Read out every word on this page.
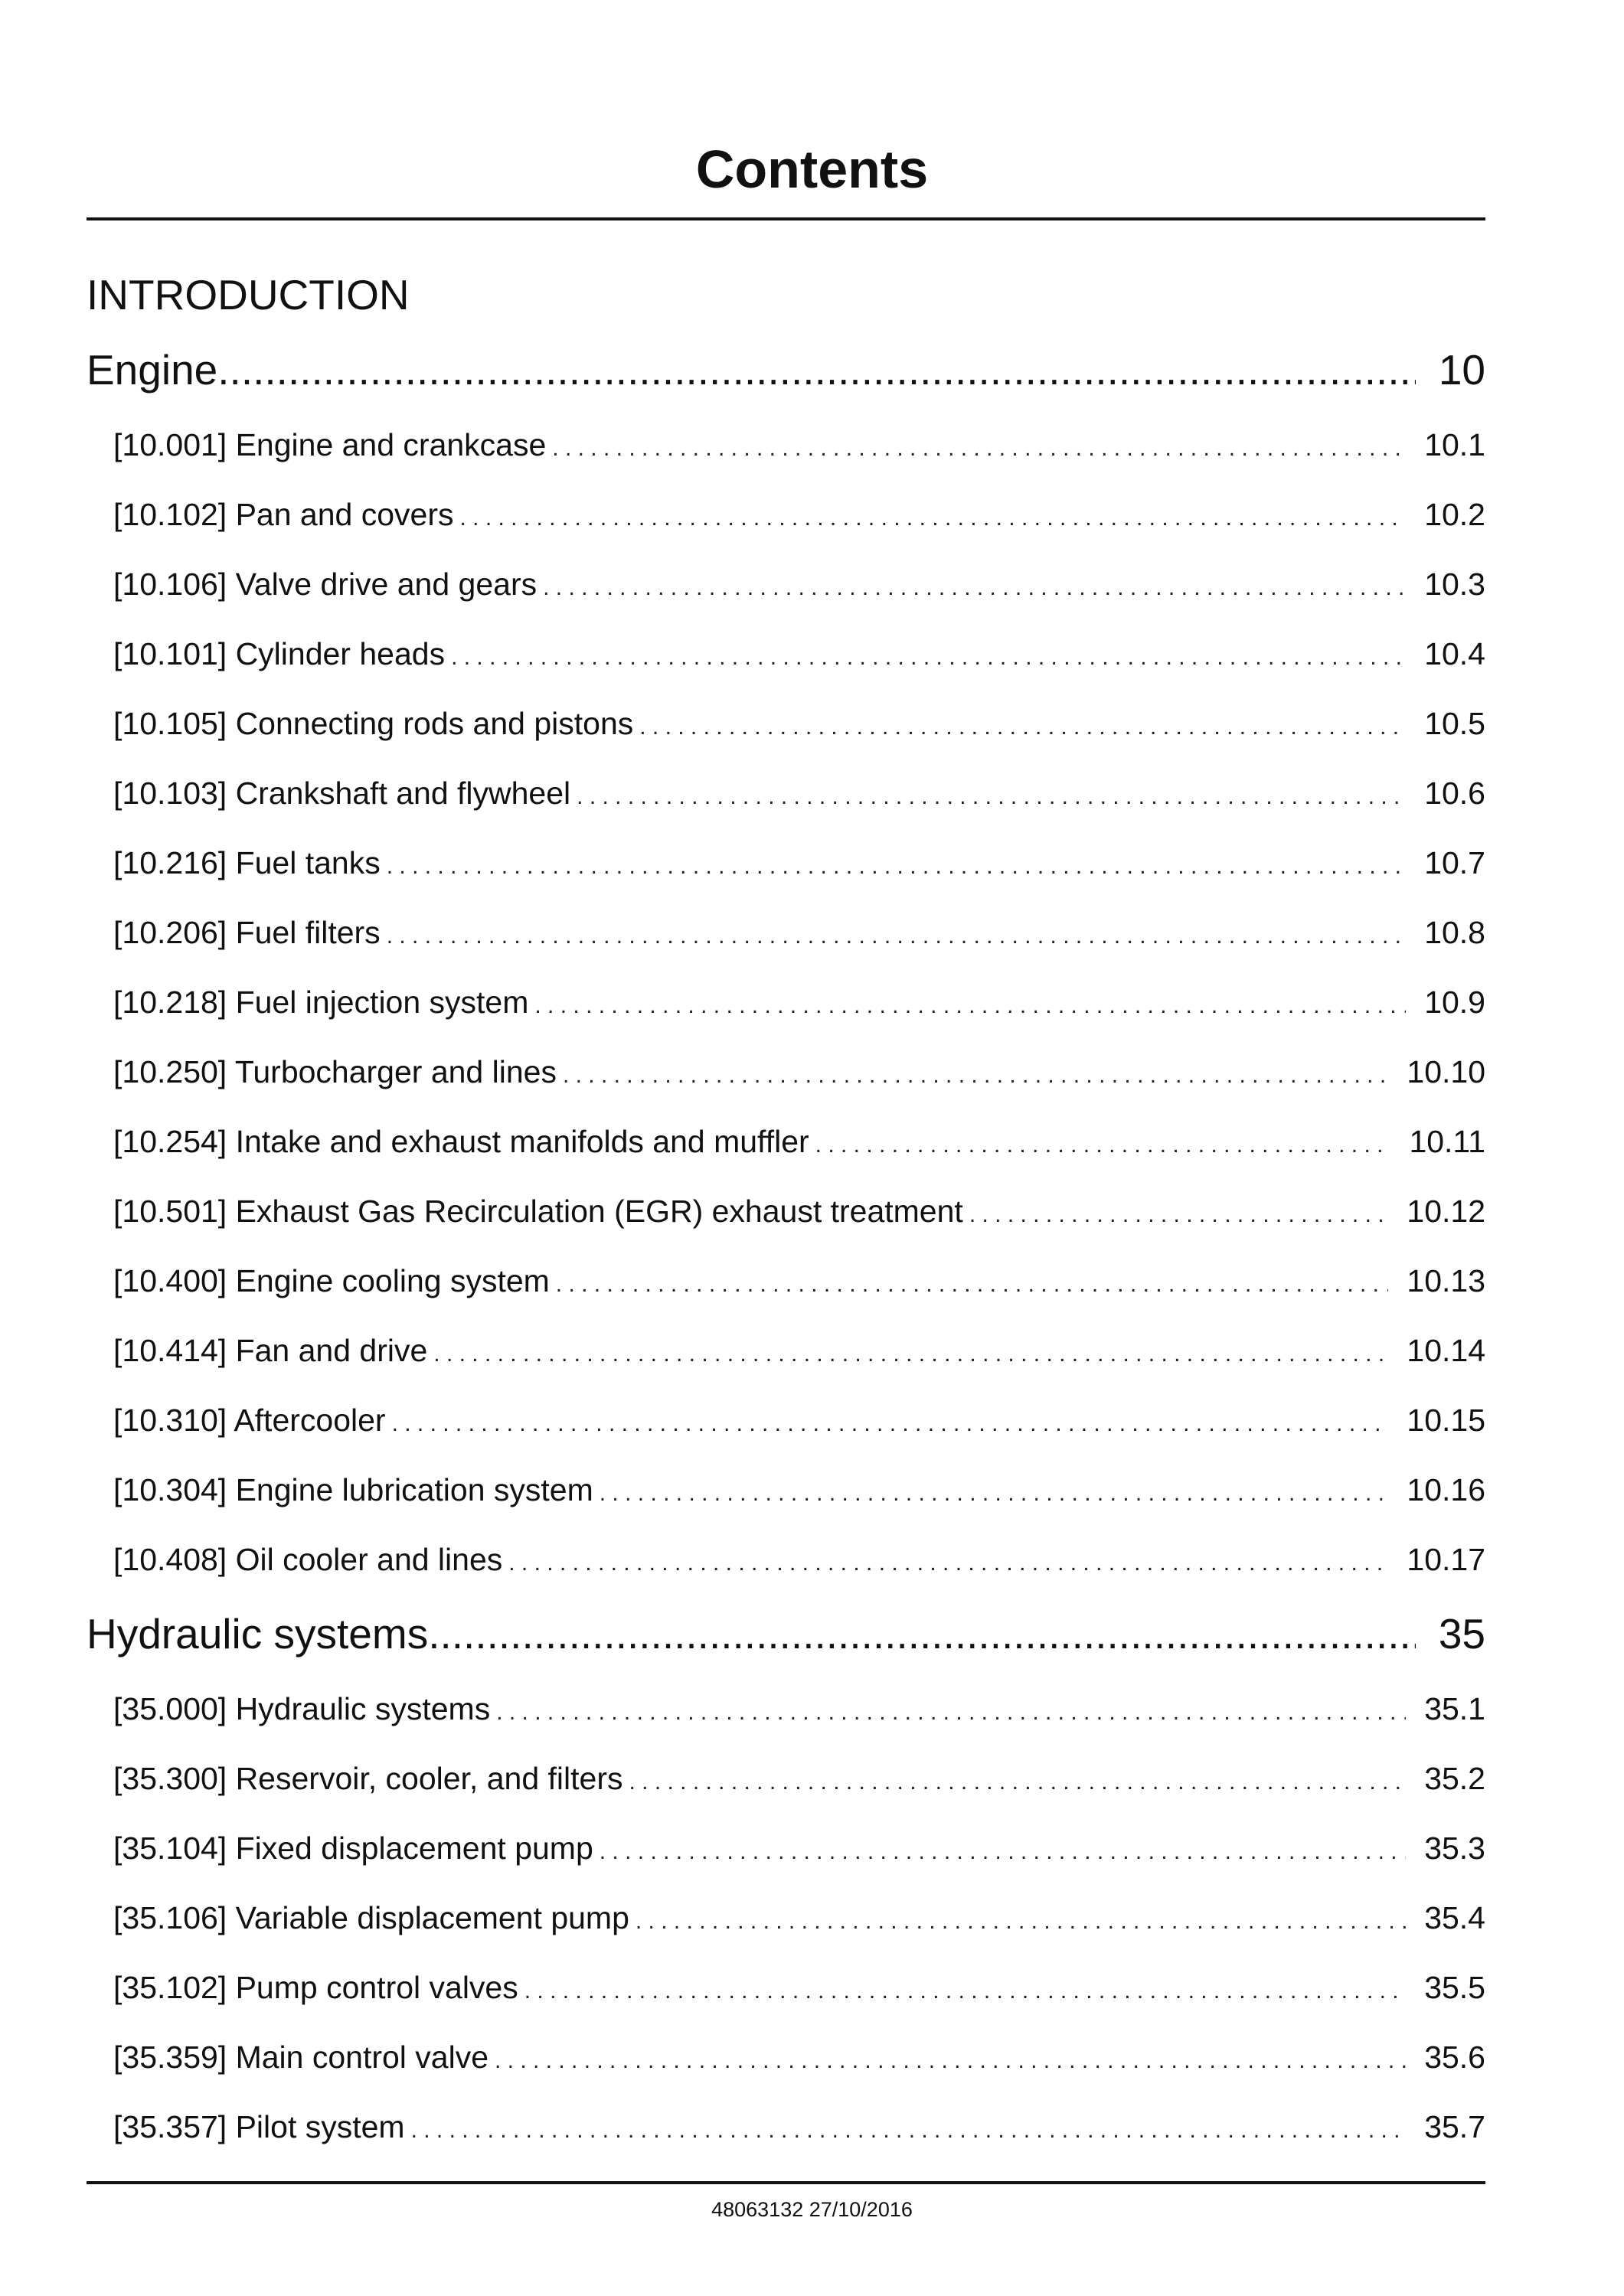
Contents
INTRODUCTION
Engine .....	10
[10.001] Engine and crankcase . . .	10.1
[10.102] Pan and covers . . .	10.2
[10.106] Valve drive and gears . . .	10.3
[10.101] Cylinder heads . . .	10.4
[10.105] Connecting rods and pistons . . .	10.5
[10.103] Crankshaft and flywheel . . .	10.6
[10.216] Fuel tanks . . .	10.7
[10.206] Fuel filters . . .	10.8
[10.218] Fuel injection system . . .	10.9
[10.250] Turbocharger and lines . . .	10.10
[10.254] Intake and exhaust manifolds and muffler . . .	10.11
[10.501] Exhaust Gas Recirculation (EGR) exhaust treatment . . .	10.12
[10.400] Engine cooling system . . .	10.13
[10.414] Fan and drive . . .	10.14
[10.310] Aftercooler . . .	10.15
[10.304] Engine lubrication system . . .	10.16
[10.408] Oil cooler and lines . . .	10.17
Hydraulic systems .....	35
[35.000] Hydraulic systems . . .	35.1
[35.300] Reservoir, cooler, and filters . . .	35.2
[35.104] Fixed displacement pump . . .	35.3
[35.106] Variable displacement pump . . .	35.4
[35.102] Pump control valves . . .	35.5
[35.359] Main control valve . . .	35.6
[35.357] Pilot system . . .	35.7
48063132 27/10/2016
